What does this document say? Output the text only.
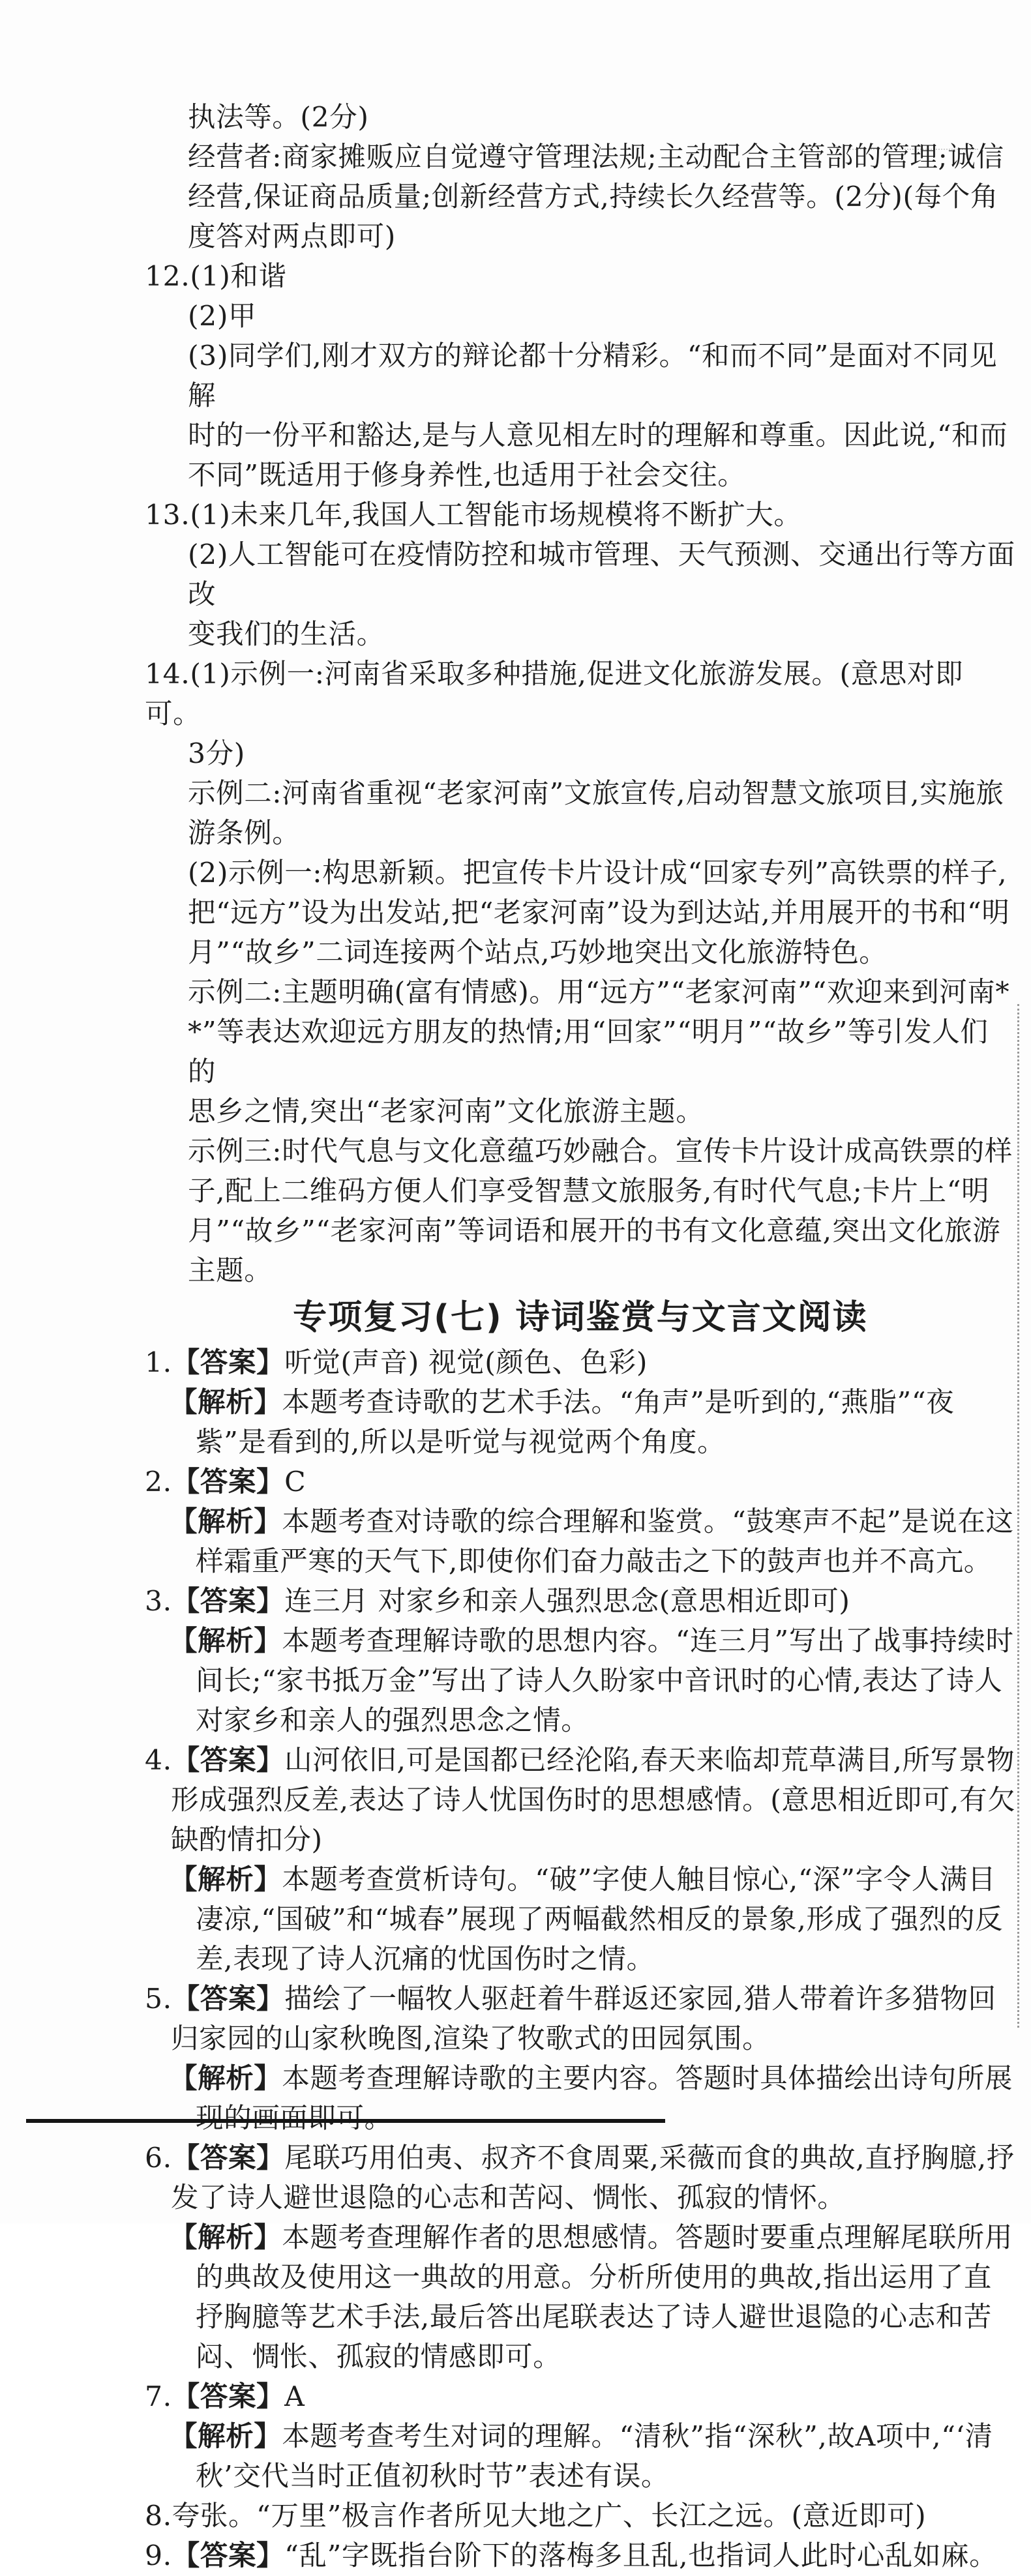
执法等。(2分)
经营者:商家摊贩应自觉遵守管理法规;主动配合主管部的管理;诚信
经营,保证商品质量;创新经营方式,持续长久经营等。(2分)(每个角
度答对两点即可)
12.(1)和谐
(2)甲
(3)同学们,刚才双方的辩论都十分精彩。“和而不同”是面对不同见解
时的一份平和豁达,是与人意见相左时的理解和尊重。因此说,“和而
不同”既适用于修身养性,也适用于社会交往。
13.(1)未来几年,我国人工智能市场规模将不断扩大。
(2)人工智能可在疫情防控和城市管理、天气预测、交通出行等方面改
变我们的生活。
14.(1)示例一:河南省采取多种措施,促进文化旅游发展。(意思对即可。
3分)
示例二:河南省重视“老家河南”文旅宣传,启动智慧文旅项目,实施旅
游条例。
(2)示例一:构思新颖。把宣传卡片设计成“回家专列”高铁票的样子,
把“远方”设为出发站,把“老家河南”设为到达站,并用展开的书和“明
月”“故乡”二词连接两个站点,巧妙地突出文化旅游特色。
示例二:主题明确(富有情感)。用“远方”“老家河南”“欢迎来到河南*
*”等表达欢迎远方朋友的热情;用“回家”“明月”“故乡”等引发人们的
思乡之情,突出“老家河南”文化旅游主题。
示例三:时代气息与文化意蕴巧妙融合。宣传卡片设计成高铁票的样
子,配上二维码方便人们享受智慧文旅服务,有时代气息;卡片上“明
月”“故乡”“老家河南”等词语和展开的书有文化意蕴,突出文化旅游
主题。
专项复习(七) 诗词鉴赏与文言文阅读
1.【答案】听觉(声音) 视觉(颜色、色彩)
【解析】本题考查诗歌的艺术手法。“角声”是听到的,“燕脂”“夜紫”是看到的,所以是听觉与视觉两个角度。
2.【答案】C
【解析】本题考查对诗歌的综合理解和鉴赏。“鼓寒声不起”是说在这样霜重严寒的天气下,即使你们奋力敲击之下的鼓声也并不高亢。
3.【答案】连三月 对家乡和亲人强烈思念(意思相近即可)
【解析】本题考查理解诗歌的思想内容。“连三月”写出了战事持续时间长;“家书抵万金”写出了诗人久盼家中音讯时的心情,表达了诗人对家乡和亲人的强烈思念之情。
4.【答案】山河依旧,可是国都已经沦陷,春天来临却荒草满目,所写景物形成强烈反差,表达了诗人忧国伤时的思想感情。(意思相近即可,有欠缺酌情扣分)
【解析】本题考查赏析诗句。“破”字使人触目惊心,“深”字令人满目凄凉,“国破”和“城春”展现了两幅截然相反的景象,形成了强烈的反差,表现了诗人沉痛的忧国伤时之情。
5.【答案】描绘了一幅牧人驱赶着牛群返还家园,猎人带着许多猎物回归家园的山家秋晚图,渲染了牧歌式的田园氛围。
【解析】本题考查理解诗歌的主要内容。答题时具体描绘出诗句所展
6.【答案】尾联巧用伯夷、叔齐不食周粟,采薇而食的典故,直抒胸臆,抒发了诗人避世退隐的心志和苦闷、惆怅、孤寂的情怀。
【解析】本题考查理解作者的思想感情。答题时要重点理解尾联所用的典故及使用这一典故的用意。分析所使用的典故,指出运用了直抒胸臆等艺术手法,最后答出尾联表达了诗人避世退隐的心志和苦闷、惆怅、孤寂的情感即可。
7.【答案】A
【解析】本题考查考生对词的理解。“清秋”指“深秋”,故A项中,“‘清秋’交代当时正值初秋时节”表述有误。
8.夸张。“万里”极言作者所见大地之广、长江之远。(意近即可)
9.【答案】“乱”字既指台阶下的落梅多且乱,也指词人此时心乱如麻。
